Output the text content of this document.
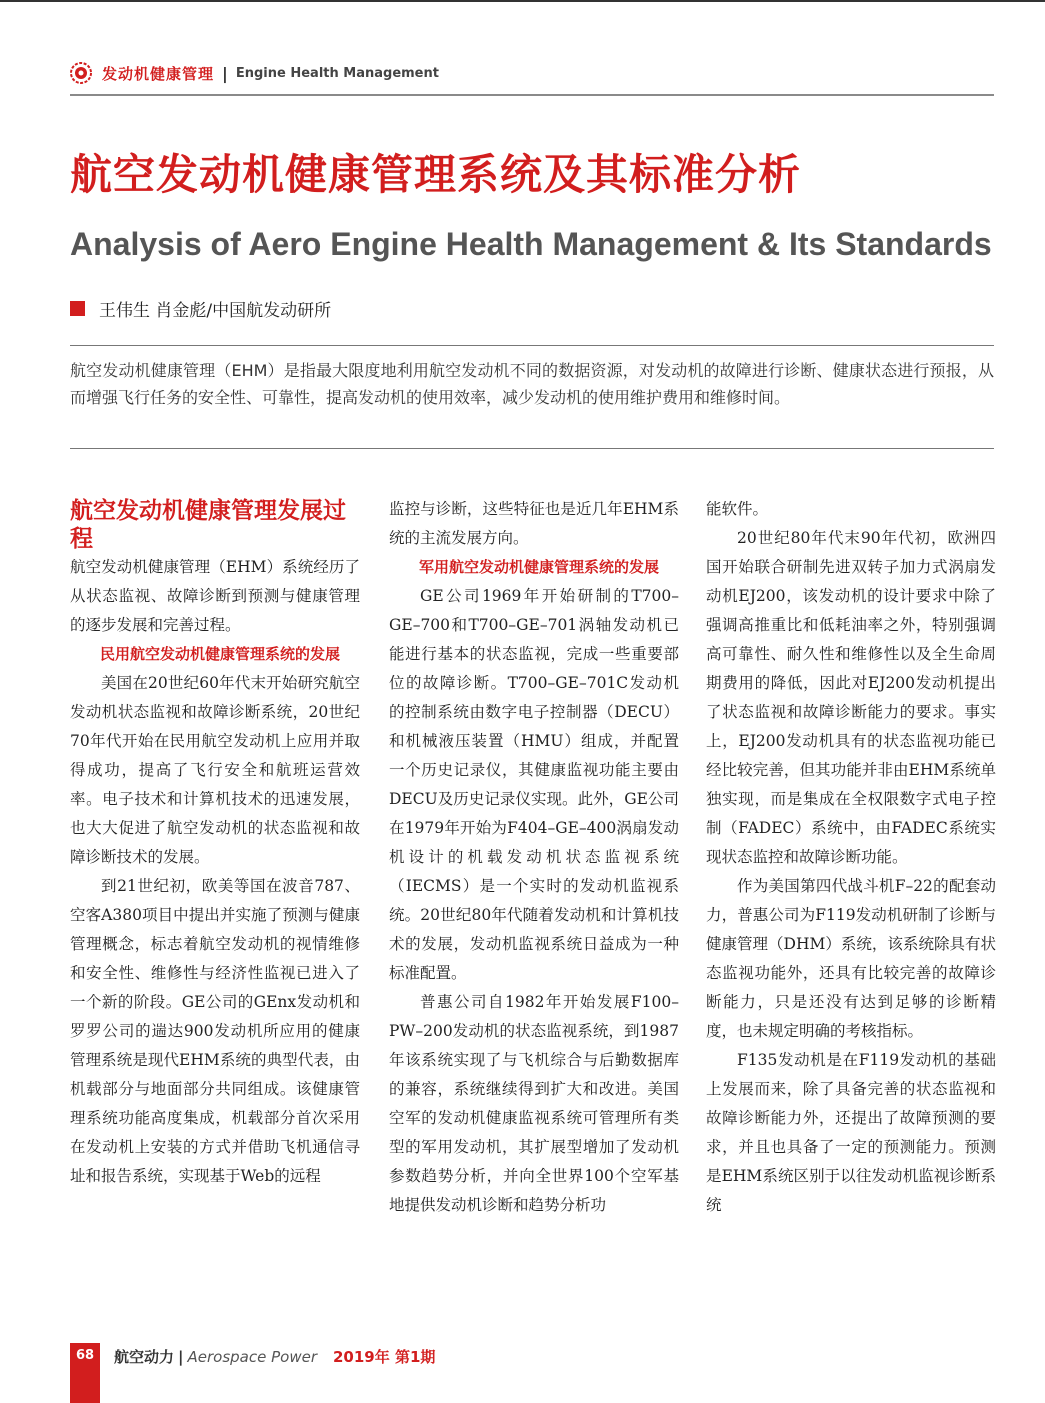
发动机健康管理 | Engine Health Management
航空发动机健康管理系统及其标准分析
Analysis of Aero Engine Health Management & Its Standards
王伟生 肖金彪/中国航发动研所

航空发动机健康管理（EHM）是指最大限度地利用航空发动机不同的数据资源，对发动机的故障进行诊断、健康状态进行预报，从而增强飞行任务的安全性、可靠性，提高发动机的使用效率，减少发动机的使用维护费用和维修时间。

航空发动机健康管理发展过程

航空发动机健康管理（EHM）系统经历了从状态监视、故障诊断到预测与健康管理的逐步发展和完善过程。

民用航空发动机健康管理系统的发展

美国在20世纪60年代末开始研究航空发动机状态监视和故障诊断系统，20世纪70年代开始在民用航空发动机上应用并取得成功，提高了飞行安全和航班运营效率。电子技术和计算机技术的迅速发展，也大大促进了航空发动机的状态监视和故障诊断技术的发展。

到21世纪初，欧美等国在波音787、空客A380项目中提出并实施了预测与健康管理概念，标志着航空发动机的视情维修和安全性、维修性与经济性监视已进入了一个新的阶段。GE公司的GEnx发动机和罗罗公司的遄达900发动机所应用的健康管理系统是现代EHM系统的典型代表，由机载部分与地面部分共同组成。该健康管理系统功能高度集成，机载部分首次采用在发动机上安装的方式并借助飞机通信寻址和报告系统，实现基于Web的远程

监控与诊断，这些特征也是近几年EHM系统的主流发展方向。

军用航空发动机健康管理系统的发展

GE公司1969年开始研制的T700–GE–700和T700–GE–701涡轴发动机已能进行基本的状态监视，完成一些重要部位的故障诊断。T700–GE–701C发动机的控制系统由数字电子控制器（DECU）和机械液压装置（HMU）组成，并配置一个历史记录仪，其健康监视功能主要由DECU及历史记录仪实现。此外，GE公司在1979年开始为F404–GE–400涡扇发动机设计的机载发动机状态监视系统（IECMS）是一个实时的发动机监视系统。20世纪80年代随着发动机和计算机技术的发展，发动机监视系统日益成为一种标准配置。

普惠公司自1982年开始发展F100–PW–200发动机的状态监视系统，到1987年该系统实现了与飞机综合与后勤数据库的兼容，系统继续得到扩大和改进。美国空军的发动机健康监视系统可管理所有类型的军用发动机，其扩展型增加了发动机参数趋势分析，并向全世界100个空军基地提供发动机诊断和趋势分析功

能软件。

20世纪80年代末90年代初，欧洲四国开始联合研制先进双转子加力式涡扇发动机EJ200，该发动机的设计要求中除了强调高推重比和低耗油率之外，特别强调高可靠性、耐久性和维修性以及全生命周期费用的降低，因此对EJ200发动机提出了状态监视和故障诊断能力的要求。事实上，EJ200发动机具有的状态监视功能已经比较完善，但其功能并非由EHM系统单独实现，而是集成在全权限数字式电子控制（FADEC）系统中，由FADEC系统实现状态监控和故障诊断功能。

作为美国第四代战斗机F–22的配套动力，普惠公司为F119发动机研制了诊断与健康管理（DHM）系统，该系统除具有状态监视功能外，还具有比较完善的故障诊断能力，只是还没有达到足够的诊断精度，也未规定明确的考核指标。

F135发动机是在F119发动机的基础上发展而来，除了具备完善的状态监视和故障诊断能力外，还提出了故障预测的要求，并且也具备了一定的预测能力。预测是EHM系统区别于以往发动机监视诊断系统

68	航空动力 | Aerospace Power 2019年 第1期
